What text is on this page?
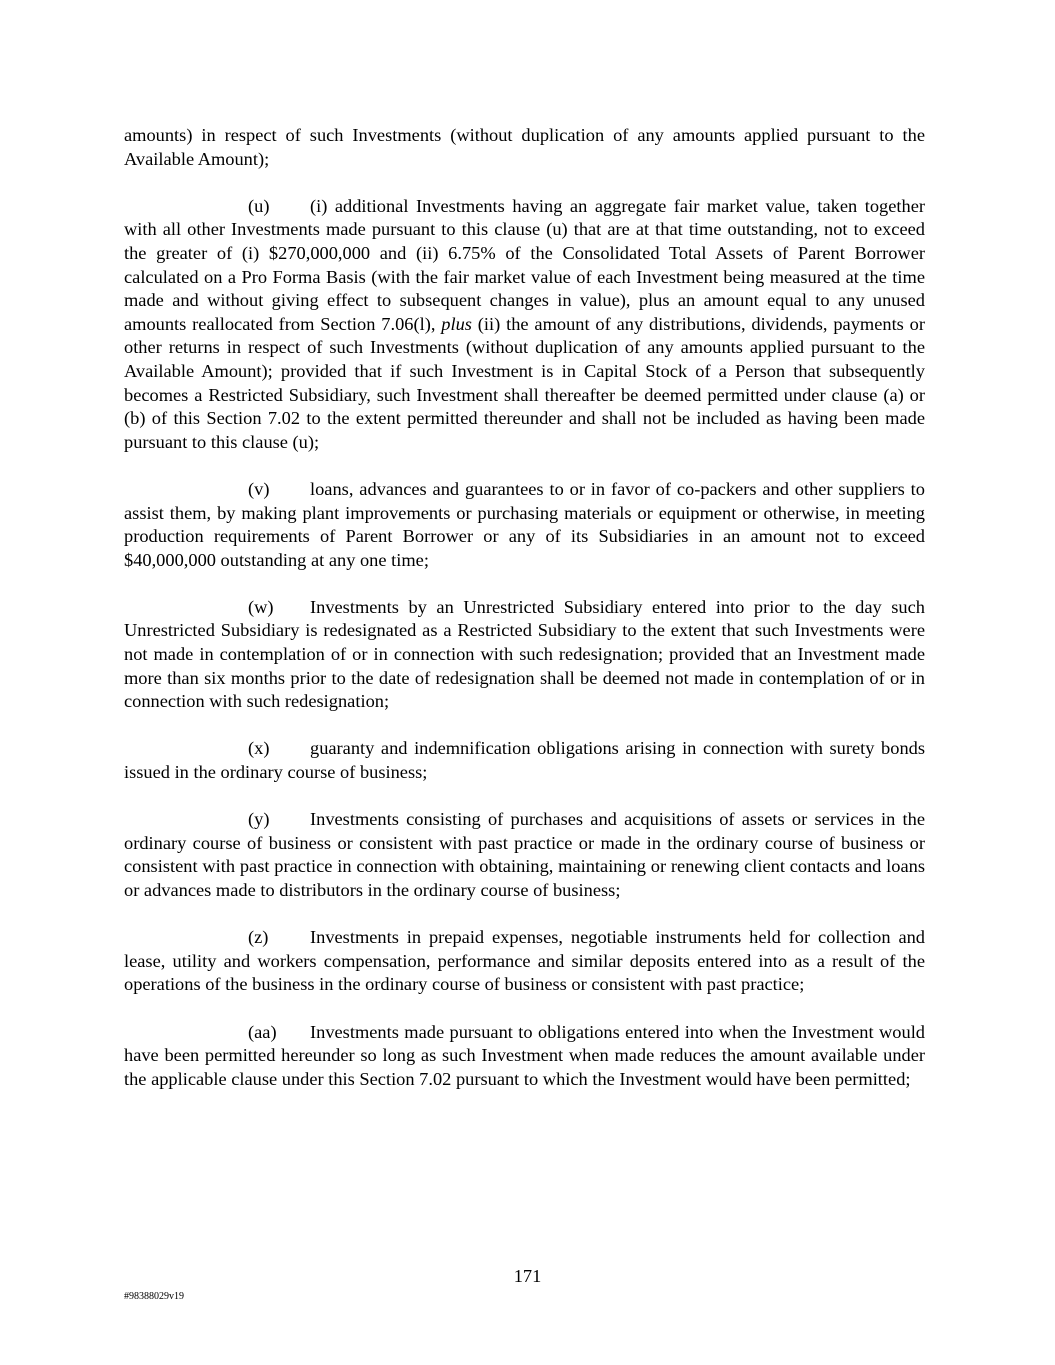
amounts) in respect of such Investments (without duplication of any amounts applied pursuant to the Available Amount);

(u) (i) additional Investments having an aggregate fair market value, taken together with all other Investments made pursuant to this clause (u) that are at that time outstanding, not to exceed the greater of (i) $270,000,000 and (ii) 6.75% of the Consolidated Total Assets of Parent Borrower calculated on a Pro Forma Basis (with the fair market value of each Investment being measured at the time made and without giving effect to subsequent changes in value), plus an amount equal to any unused amounts reallocated from Section 7.06(l), plus (ii) the amount of any distributions, dividends, payments or other returns in respect of such Investments (without duplication of any amounts applied pursuant to the Available Amount); provided that if such Investment is in Capital Stock of a Person that subsequently becomes a Restricted Subsidiary, such Investment shall thereafter be deemed permitted under clause (a) or (b) of this Section 7.02 to the extent permitted thereunder and shall not be included as having been made pursuant to this clause (u);

(v) loans, advances and guarantees to or in favor of co-packers and other suppliers to assist them, by making plant improvements or purchasing materials or equipment or otherwise, in meeting production requirements of Parent Borrower or any of its Subsidiaries in an amount not to exceed $40,000,000 outstanding at any one time;

(w) Investments by an Unrestricted Subsidiary entered into prior to the day such Unrestricted Subsidiary is redesignated as a Restricted Subsidiary to the extent that such Investments were not made in contemplation of or in connection with such redesignation; provided that an Investment made more than six months prior to the date of redesignation shall be deemed not made in contemplation of or in connection with such redesignation;

(x) guaranty and indemnification obligations arising in connection with surety bonds issued in the ordinary course of business;

(y) Investments consisting of purchases and acquisitions of assets or services in the ordinary course of business or consistent with past practice or made in the ordinary course of business or consistent with past practice in connection with obtaining, maintaining or renewing client contacts and loans or advances made to distributors in the ordinary course of business;

(z) Investments in prepaid expenses, negotiable instruments held for collection and lease, utility and workers compensation, performance and similar deposits entered into as a result of the operations of the business in the ordinary course of business or consistent with past practice;

(aa) Investments made pursuant to obligations entered into when the Investment would have been permitted hereunder so long as such Investment when made reduces the amount available under the applicable clause under this Section 7.02 pursuant to which the Investment would have been permitted;

171
#98388029v19
